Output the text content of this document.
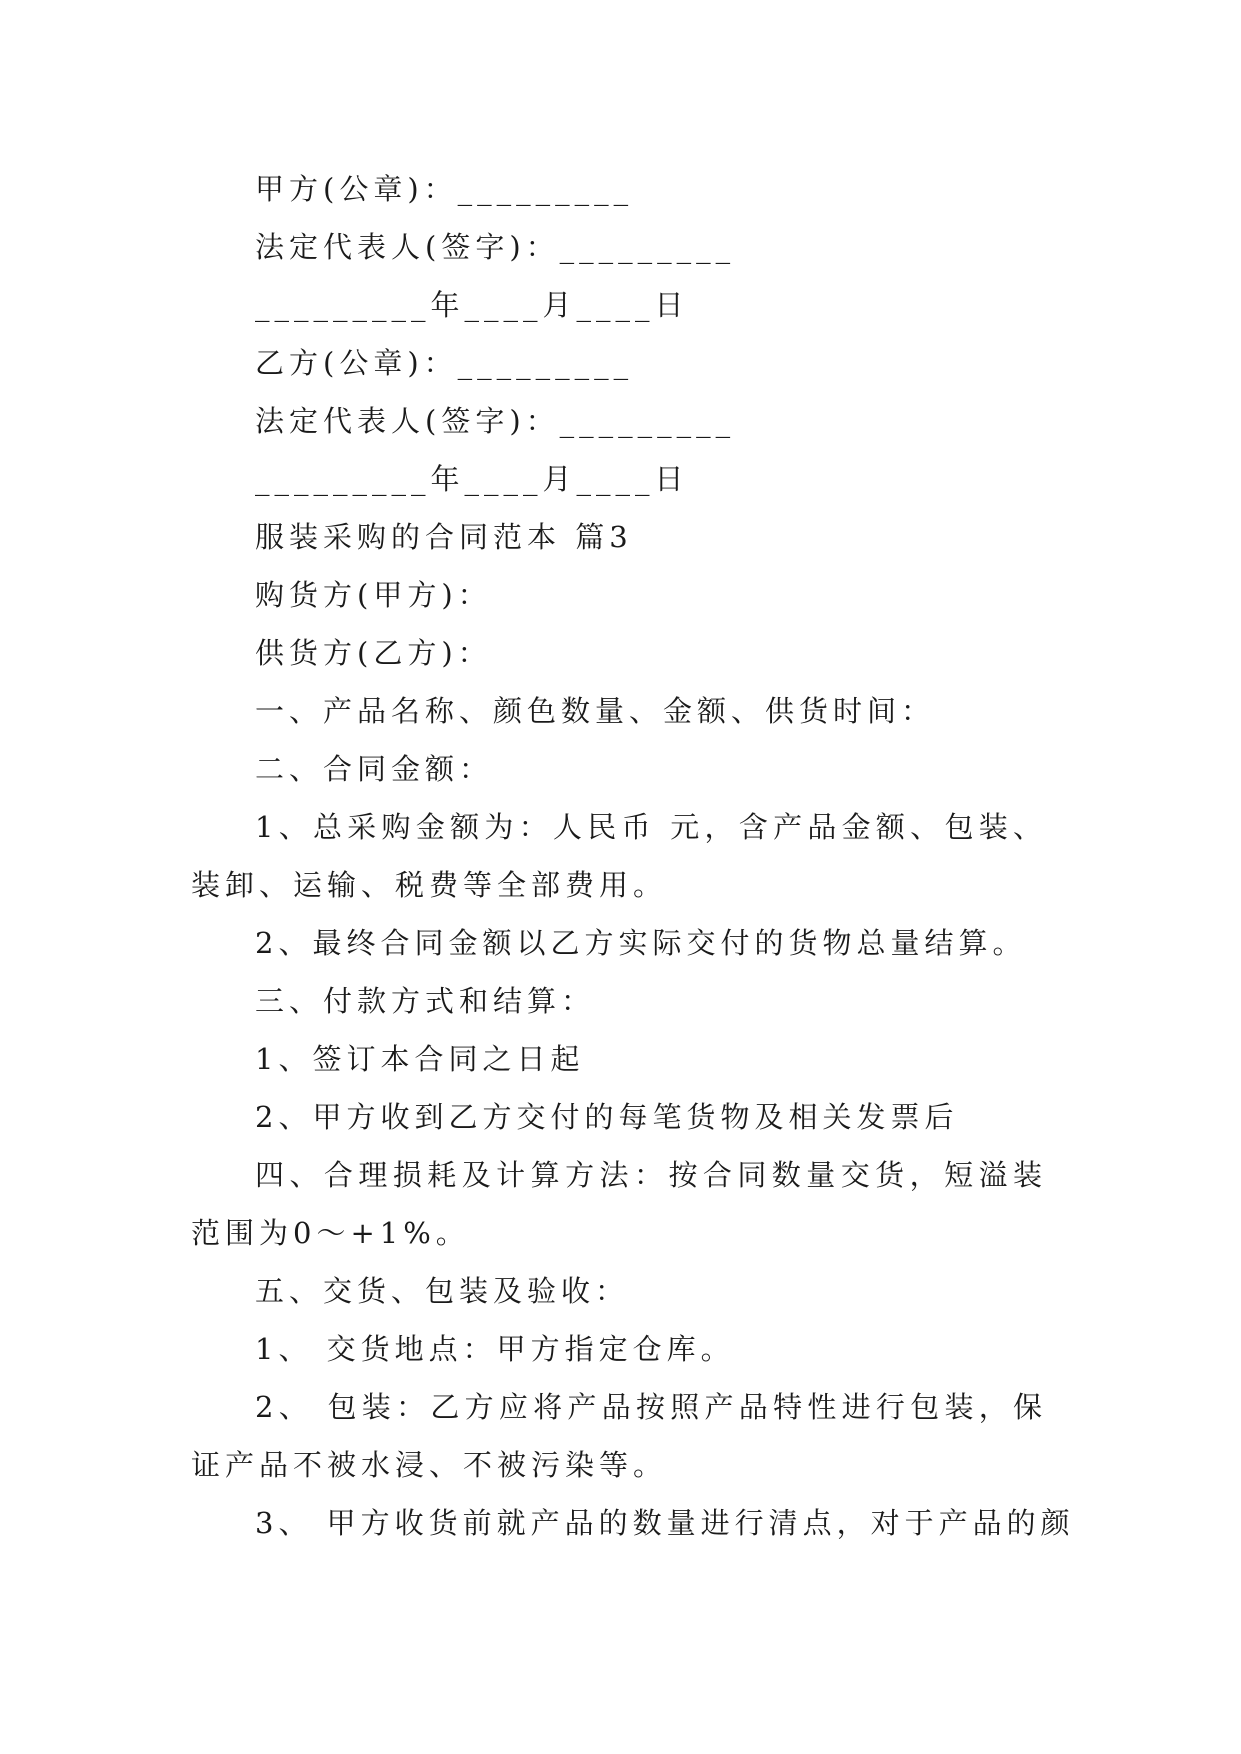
甲方(公章)：_________
法定代表人(签字)：_________
_________年____月____日
乙方(公章)：_________
法定代表人(签字)：_________
_________年____月____日
服装采购的合同范本 篇3
购货方(甲方)：
供货方(乙方)：
一、产品名称、颜色数量、金额、供货时间：
二、合同金额：
1、总采购金额为：人民币 元，含产品金额、包装、装卸、运输、税费等全部费用。
2、最终合同金额以乙方实际交付的货物总量结算。
三、付款方式和结算：
1、签订本合同之日起
2、甲方收到乙方交付的每笔货物及相关发票后
四、合理损耗及计算方法：按合同数量交货，短溢装范围为0～+1%。
五、交货、包装及验收：
1、 交货地点：甲方指定仓库。
2、 包装：乙方应将产品按照产品特性进行包装，保证产品不被水浸、不被污染等。
3、 甲方收货前就产品的数量进行清点，对于产品的颜
